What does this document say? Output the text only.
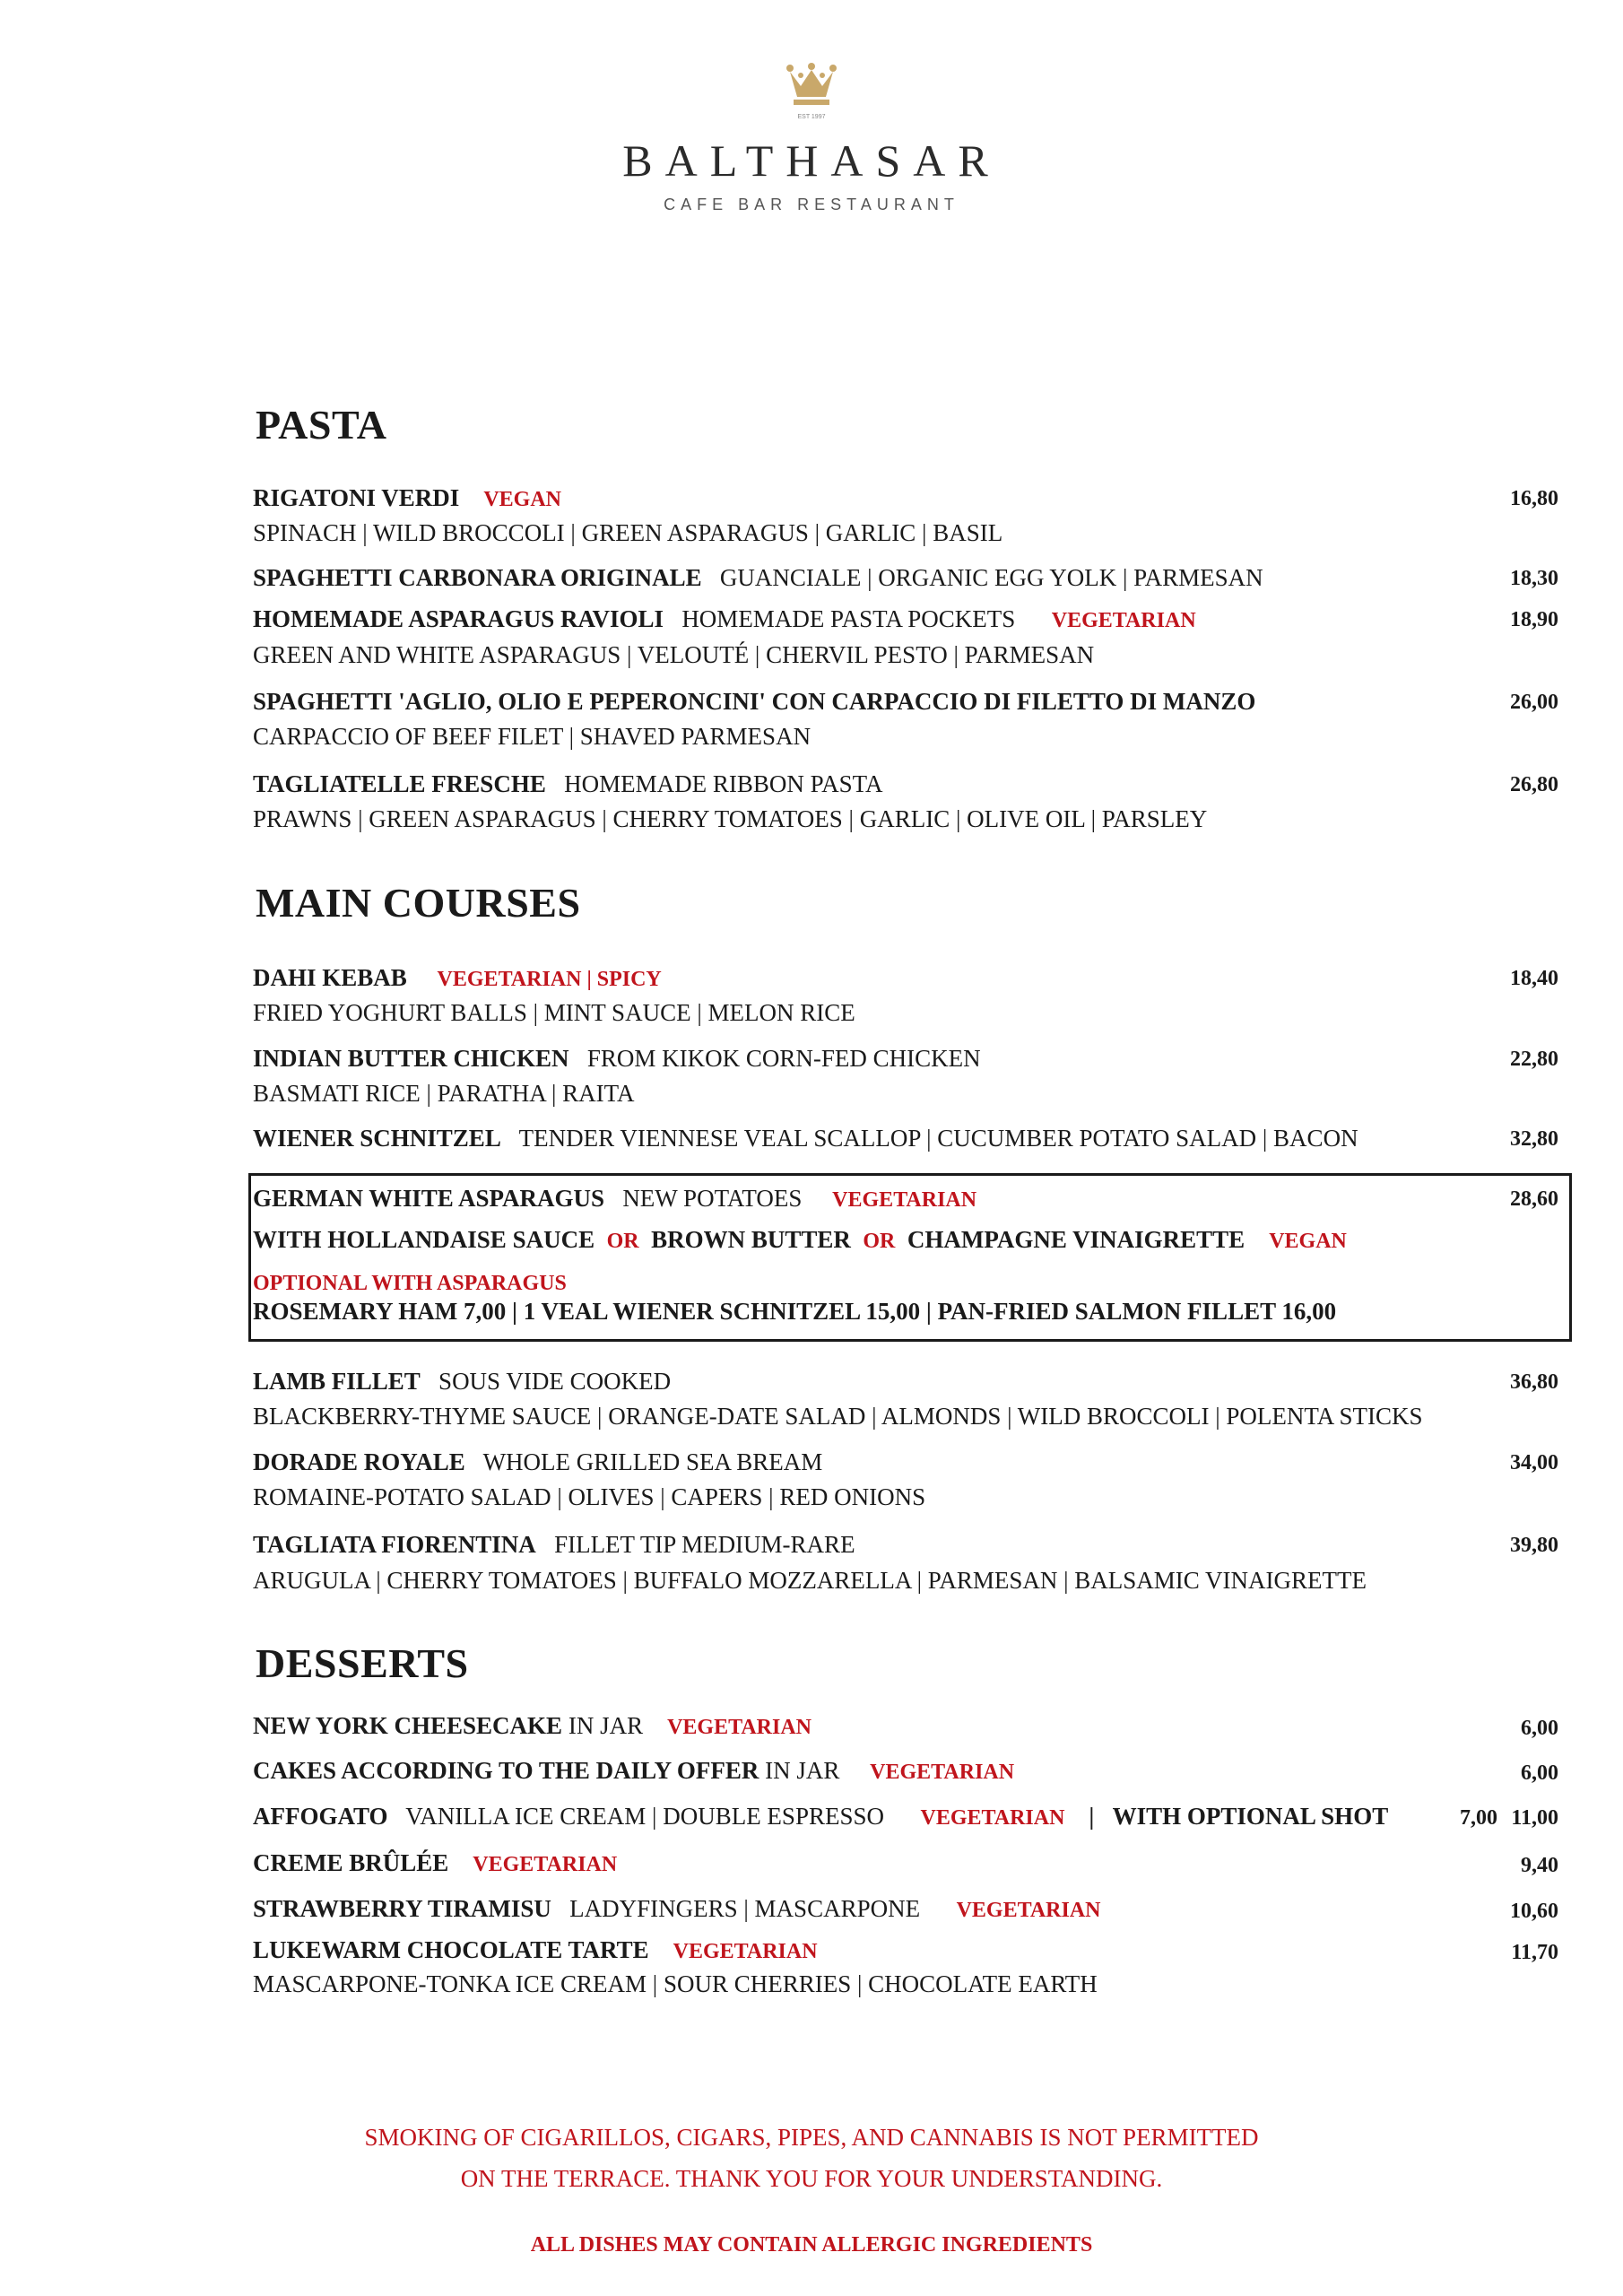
EST 1997
BALTHASAR
CAFE BAR RESTAURANT
PASTA
RIGATONI VERDI VEGAN	16,80
SPINACH | WILD BROCCOLI | GREEN ASPARAGUS | GARLIC | BASIL
SPAGHETTI CARBONARA ORIGINALE GUANCIALE | ORGANIC EGG YOLK | PARMESAN	18,30
HOMEMADE ASPARAGUS RAVIOLI HOMEMADE PASTA POCKETS VEGETARIAN	18,90
GREEN AND WHITE ASPARAGUS | VELOUTÉ | CHERVIL PESTO | PARMESAN
SPAGHETTI 'AGLIO, OLIO E PEPERONCINI' CON CARPACCIO DI FILETTO DI MANZO	26,00
CARPACCIO OF BEEF FILET | SHAVED PARMESAN
TAGLIATELLE FRESCHE HOMEMADE RIBBON PASTA	26,80
PRAWNS | GREEN ASPARAGUS | CHERRY TOMATOES | GARLIC | OLIVE OIL | PARSLEY
MAIN COURSES
DAHI KEBAB VEGETARIAN | SPICY	18,40
FRIED YOGHURT BALLS | MINT SAUCE | MELON RICE
INDIAN BUTTER CHICKEN FROM KIKOK CORN-FED CHICKEN	22,80
BASMATI RICE | PARATHA | RAITA
WIENER SCHNITZEL TENDER VIENNESE VEAL SCALLOP | CUCUMBER POTATO SALAD | BACON	32,80
GERMAN WHITE ASPARAGUS NEW POTATOES VEGETARIAN	28,60
WITH HOLLANDAISE SAUCE OR BROWN BUTTER OR CHAMPAGNE VINAIGRETTE VEGAN
OPTIONAL WITH ASPARAGUS
ROSEMARY HAM 7,00 | 1 VEAL WIENER SCHNITZEL 15,00 | PAN-FRIED SALMON FILLET 16,00
LAMB FILLET SOUS VIDE COOKED	36,80
BLACKBERRY-THYME SAUCE | ORANGE-DATE SALAD | ALMONDS | WILD BROCCOLI | POLENTA STICKS
DORADE ROYALE WHOLE GRILLED SEA BREAM	34,00
ROMAINE-POTATO SALAD | OLIVES | CAPERS | RED ONIONS
TAGLIATA FIORENTINA FILLET TIP MEDIUM-RARE	39,80
ARUGULA | CHERRY TOMATOES | BUFFALO MOZZARELLA | PARMESAN | BALSAMIC VINAIGRETTE
DESSERTS
NEW YORK CHEESECAKE IN JAR VEGETARIAN	6,00
CAKES ACCORDING TO THE DAILY OFFER IN JAR VEGETARIAN	6,00
AFFOGATO VANILLA ICE CREAM | DOUBLE ESPRESSO VEGETARIAN | WITH OPTIONAL SHOT	7,00 11,00
CREME BRÛLÉE VEGETARIAN	9,40
STRAWBERRY TIRAMISU LADYFINGERS | MASCARPONE VEGETARIAN	10,60
LUKEWARM CHOCOLATE TARTE VEGETARIAN	11,70
MASCARPONE-TONKA ICE CREAM | SOUR CHERRIES | CHOCOLATE EARTH
SMOKING OF CIGARILLOS, CIGARS, PIPES, AND CANNABIS IS NOT PERMITTED
ON THE TERRACE. THANK YOU FOR YOUR UNDERSTANDING.
ALL DISHES MAY CONTAIN ALLERGIC INGREDIENTS
